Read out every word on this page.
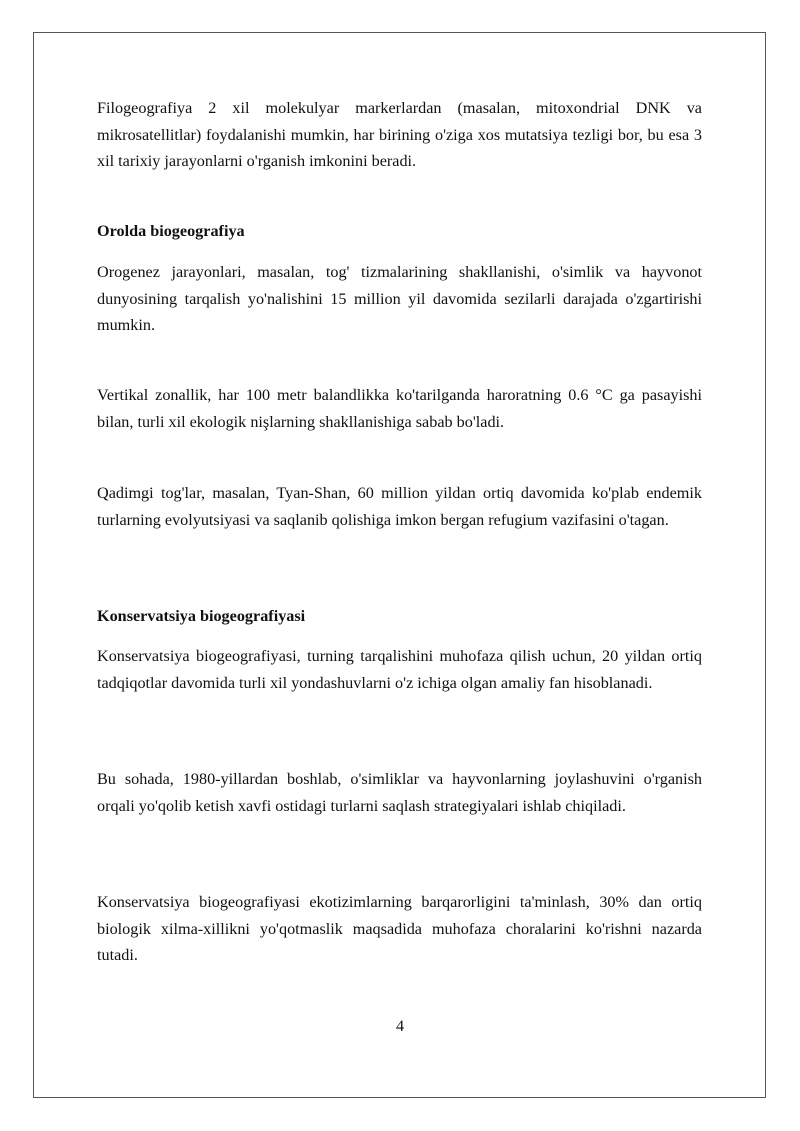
Filogeografiya 2 xil molekulyar markerlardan (masalan, mitoxondrial DNK va mikrosatellitlar) foydalanishi mumkin, har birining o'ziga xos mutatsiya tezligi bor, bu esa 3 xil tarixiy jarayonlarni o'rganish imkonini beradi.

Orolda biogeografiya

Orogenez jarayonlari, masalan, tog' tizmalarining shakllanishi, o'simlik va hayvonot dunyosining tarqalish yo'nalishini 15 million yil davomida sezilarli darajada o'zgartirishi mumkin.

Vertikal zonallik, har 100 metr balandlikka ko'tarilganda haroratning 0.6 °C ga pasayishi bilan, turli xil ekologik nişlarning shakllanishiga sabab bo'ladi.

Qadimgi tog'lar, masalan, Tyan-Shan, 60 million yildan ortiq davomida ko'plab endemik turlarning evolyutsiyasi va saqlanib qolishiga imkon bergan refugium vazifasini o'tagan.

Konservatsiya biogeografiyasi

Konservatsiya biogeografiyasi, turning tarqalishini muhofaza qilish uchun, 20 yildan ortiq tadqiqotlar davomida turli xil yondashuvlarni o'z ichiga olgan amaliy fan hisoblanadi.

Bu sohada, 1980-yillardan boshlab, o'simliklar va hayvonlarning joylashuvini o'rganish orqali yo'qolib ketish xavfi ostidagi turlarni saqlash strategiyalari ishlab chiqiladi.

Konservatsiya biogeografiyasi ekotizimlarning barqarorligini ta'minlash, 30% dan ortiq biologik xilma-xillikni yo'qotmaslik maqsadida muhofaza choralarini ko'rishni nazarda tutadi.

4
